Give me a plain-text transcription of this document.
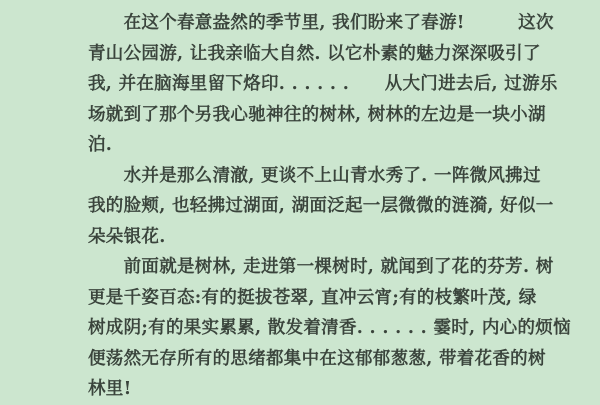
　　在这个春意盎然的季节里, 我们盼来了春游!　　　这次
青山公园游, 让我亲临大自然. 以它朴素的魅力深深吸引了
我, 并在脑海里留下烙印. . . . . .　　从大门进去后, 过游乐
场就到了那个另我心驰神往的树林, 树林的左边是一块小湖
泊.
　　水并是那么清澈, 更谈不上山青水秀了. 一阵微风拂过
我的脸颊, 也轻拂过湖面, 湖面泛起一层微微的涟漪, 好似一
朵朵银花.
　　前面就是树林, 走进第一棵树时, 就闻到了花的芬芳. 树
更是千姿百态:有的挺拔苍翠, 直冲云宵;有的枝繁叶茂, 绿
树成阴;有的果实累累, 散发着清香. . . . . . 霎时, 内心的烦恼
便荡然无存所有的思绪都集中在这郁郁葱葱, 带着花香的树
林里!
